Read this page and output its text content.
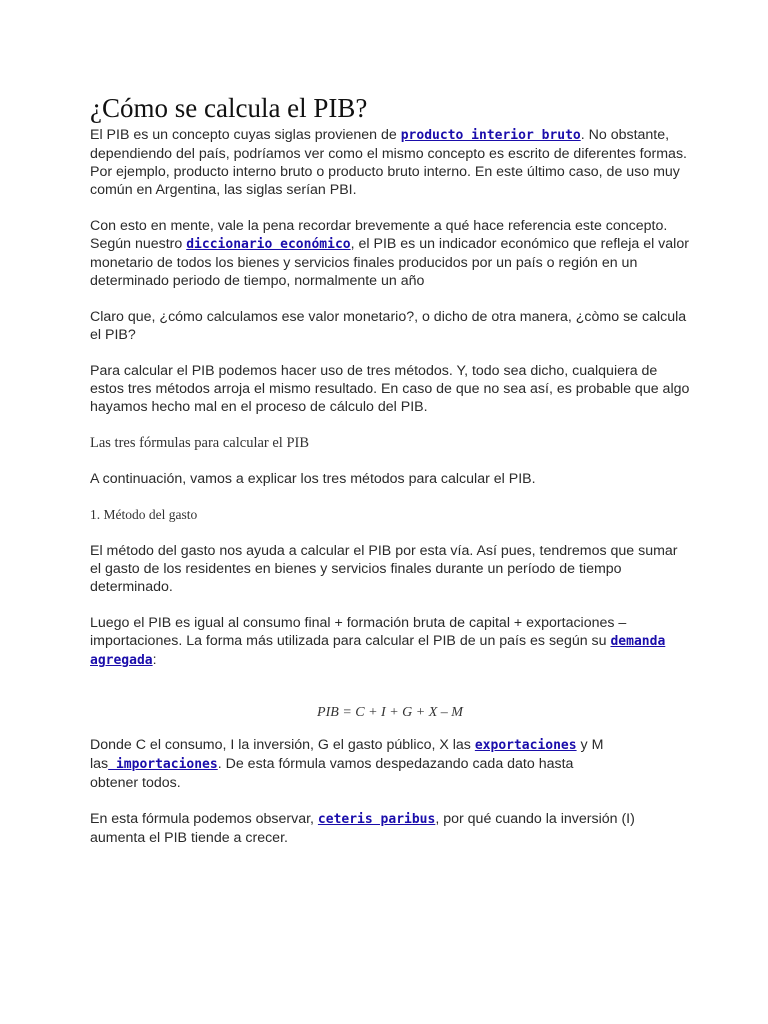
¿Cómo se calcula el PIB?

El PIB es un concepto cuyas siglas provienen de producto interior bruto. No obstante, dependiendo del país, podríamos ver como el mismo concepto es escrito de diferentes formas. Por ejemplo, producto interno bruto o producto bruto interno. En este último caso, de uso muy común en Argentina, las siglas serían PBI.

Con esto en mente, vale la pena recordar brevemente a qué hace referencia este concepto. Según nuestro diccionario económico, el PIB es un indicador económico que refleja el valor monetario de todos los bienes y servicios finales producidos por un país o región en un determinado periodo de tiempo, normalmente un año

Claro que, ¿cómo calculamos ese valor monetario?, o dicho de otra manera, ¿còmo se calcula el PIB?

Para calcular el PIB podemos hacer uso de tres métodos. Y, todo sea dicho, cualquiera de estos tres métodos arroja el mismo resultado. En caso de que no sea así, es probable que algo hayamos hecho mal en el proceso de cálculo del PIB.

Las tres fórmulas para calcular el PIB

A continuación, vamos a explicar los tres métodos para calcular el PIB.

1. Método del gasto

El método del gasto nos ayuda a calcular el PIB por esta vía. Así pues, tendremos que sumar el gasto de los residentes en bienes y servicios finales durante un período de tiempo determinado.

Luego el PIB es igual al consumo final + formación bruta de capital + exportaciones – importaciones. La forma más utilizada para calcular el PIB de un país es según su demanda agregada:

PIB = C + I + G + X – M

Donde C el consumo, I la inversión, G el gasto público, X las exportaciones y M las importaciones. De esta fórmula vamos despedazando cada dato hasta obtener todos.

En esta fórmula podemos observar, ceteris paribus, por qué cuando la inversión (I) aumenta el PIB tiende a crecer.
